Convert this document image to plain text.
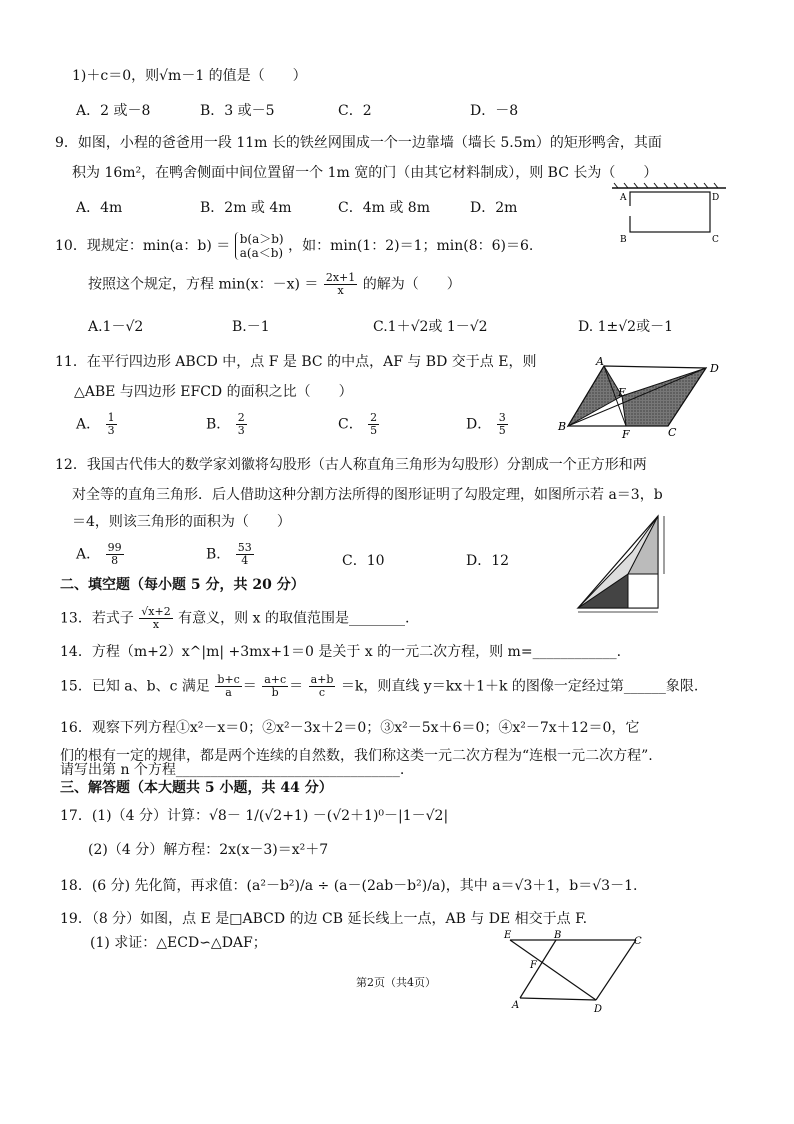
1)＋c＝0，则√m－1 的值是（　　）
A．2 或－8	B．3 或－5	C．2	D．－8
9．如图，小程的爸爸用一段 11m 长的铁丝网围成一个一边靠墙（墙长 5.5m）的矩形鸭舍，其面
积为 16m²，在鸭舍侧面中间位置留一个 1m 宽的门（由其它材料制成），则 BC 长为（　　）
A．4m	B．2m 或 4m	C．4m 或 8m	D．2m
A	D
B	C
10．现规定：min(a：b) ＝ b(a＞b)
a(a＜b) ，如：min(1：2)＝1；min(8：6)＝6.
按照这个规定，方程 min(x：$-x) = \frac{2x+1}{x}$ 的解为（　　）
A.1－√2	B.－1	C.1＋√2或 1－√2	D. 1±√2或－1
11．在平行四边形 ABCD 中，点 F 是 BC 的中点，AF 与 BD 交于点 E，则
△ABE 与四边形 EFCD 的面积之比（　　）
A． $\frac{1}{3}$	B． $\frac{2}{3}$	C． $\frac{2}{5}$	D． $\frac{3}{5}$
A
D
E
B
F	C
12．我国古代伟大的数学家刘徽将勾股形（古人称直角三角形为勾股形）分割成一个正方形和两
对全等的直角三角形．后人借助这种分割方法所得的图形证明了勾股定理，如图所示若 a＝3，b
＝4，则该三角形的面积为（　　）
A． $\frac{99}{8}$	B． $\frac{53}{4}$	C．10	D．12
二、填空题（每小题 5 分，共 20 分）
13．若式子 $\frac{√x+2}{x}$ 有意义，则 x 的取值范围是________.
14．方程（m+2）x^|m| +3mx+1＝0 是关于 x 的一元二次方程，则 m=____________.
15．已知 a、b、c 满足 $\frac{b+c}{a} = \frac{a+c}{b} = \frac{a+b}{c} =k$，则直线 y＝kx＋1＋k 的图像一定经过第______象限.
16．观察下列方程①x²－x＝0；②x²－3x＋2＝0；③x²－5x＋6＝0；④x²－7x＋12＝0，它
们的根有一定的规律，都是两个连续的自然数，我们称这类一元二次方程为“连根一元二次方程”.
请写出第 n 个方程________________________________.
三、解答题（本大题共 5 小题，共 44 分）
17．(1)（4 分）计算：√8－ 1/(√2+1) －(√2＋1)⁰－|1－√2|
(2)（4 分）解方程：2x(x－3)＝x²＋7
18．(6 分) 先化简，再求值：(a²－b²)/a ÷ (a－(2ab－b²)/a)，其中 a＝√3＋1，b＝√3－1.
19．（8 分）如图，点 E 是□ABCD 的边 CB 延长线上一点，AB 与 DE 相交于点 F.
(1) 求证：△ECD∽△DAF；	E	B
C
F
A	D
第2页（共4页）
